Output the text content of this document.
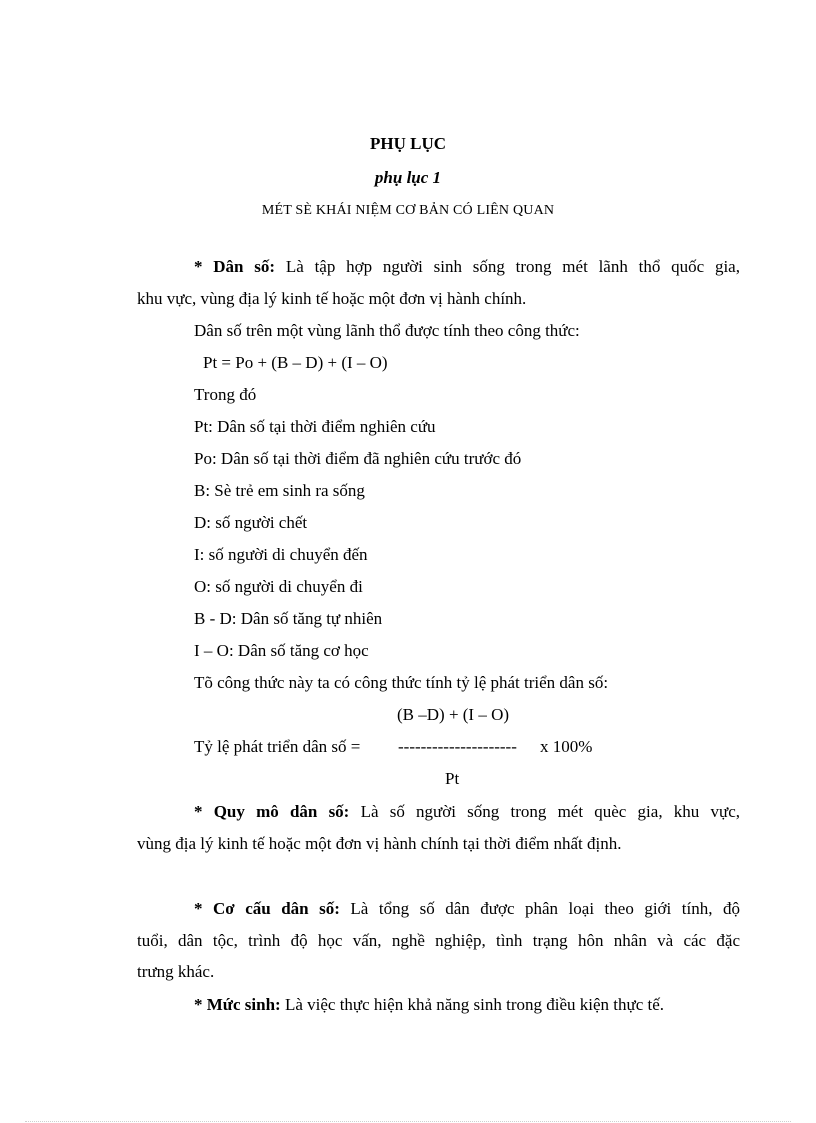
PHỤ LỤC
phụ lục 1
MÉT SÈ KHÁI NIỆM CƠ BẢN CÓ LIÊN QUAN
* Dân số: Là tập hợp người sinh sống trong mét lãnh thổ quốc gia,
khu vực, vùng địa lý kinh tế hoặc một đơn vị hành chính.
Dân số trên một vùng lãnh thổ được tính theo công thức:
Pt = Po + (B – D) + (I – O)
Trong đó
Pt: Dân số tại thời điểm nghiên cứu
Po: Dân số tại thời điểm đã nghiên cứu trước đó
B: Sè trẻ em sinh ra sống
D: số người chết
I: số người di chuyển đến
O: số người di chuyển đi
B - D: Dân số tăng tự nhiên
I – O: Dân số tăng cơ học
Tõ công thức này ta có công thức tính tỷ lệ phát triển dân số:
(B –D) + (I – O)
Tỷ lệ phát triển dân số = --------------------- x 100%
Pt
* Quy mô dân số: Là số người sống trong mét quèc gia, khu vực,
vùng địa lý kinh tế hoặc một đơn vị hành chính tại thời điểm nhất định.
* Cơ cấu dân số: Là tổng số dân được phân loại theo giới tính, độ
tuổi, dân tộc, trình độ học vấn, nghề nghiệp, tình trạng hôn nhân và các đặc
trưng khác.
* Mức sinh: Là việc thực hiện khả năng sinh trong điều kiện thực tế.
